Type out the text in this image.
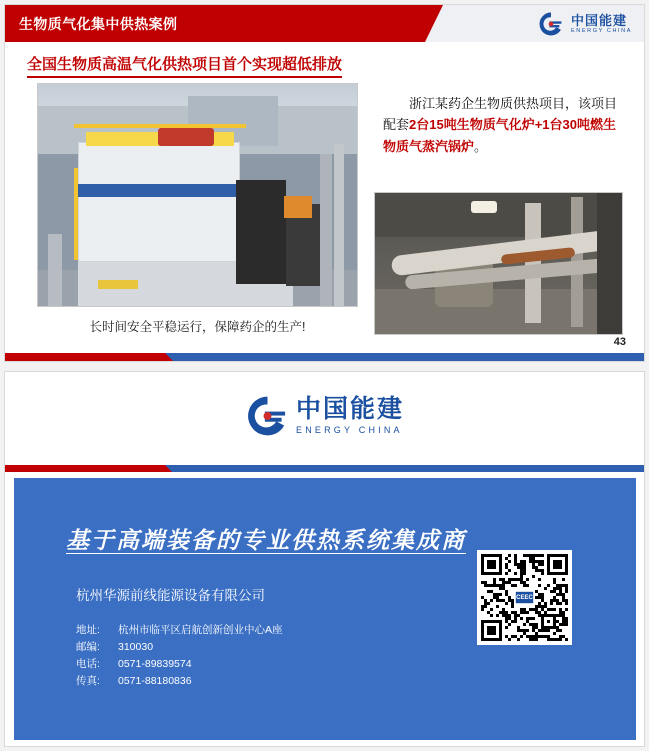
生物质气化集中供热案例	中国能建
ENERGY CHINA
全国生物质高温气化供热项目首个实现超低排放
长时间安全平稳运行，保障药企的生产!
浙江某药企生物质供热项目，该项目配套2台15吨生物质气化炉+1台30吨燃生物质气蒸汽锅炉。
43
中国能建
ENERGY CHINA
基于高端装备的专业供热系统集成商
杭州华源前线能源设备有限公司
地址:	杭州市临平区启航创新创业中心A座
邮编:	310030
电话:	0571-89839574
传真:	0571-88180836
